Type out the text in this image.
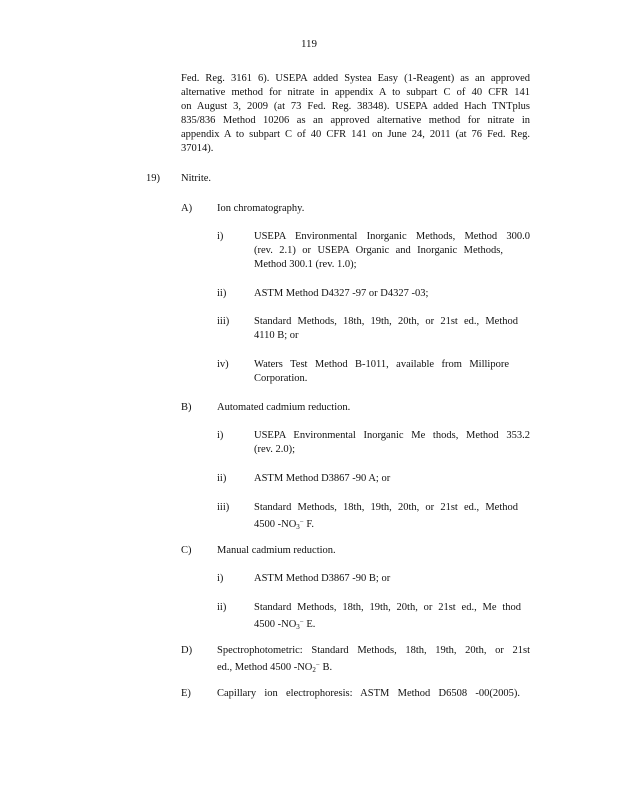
119
Fed. Reg. 3161 6). USEPA added Systea Easy (1-Reagent) as an approved
alternative method for nitrate in appendix A to subpart C of 40 CFR 141
on August 3, 2009 (at 73 Fed. Reg. 38348). USEPA added Hach TNTplus
835/836 Method 10206 as an approved alternative method for nitrate in
appendix A to subpart C of 40 CFR 141 on June 24, 2011 (at 76 Fed. Reg.
37014).
19) Nitrite.
A) Ion chromatography.
i)	USEPA Environmental Inorganic Methods, Method 300.0
(rev. 2.1) or USEPA Organic and Inorganic Methods,
Method 300.1 (rev. 1.0);
ii)	ASTM Method D4327 -97 or D4327 -03;
iii) Standard Methods, 18th, 19th, 20th, or 21st ed., Method
4110 B; or
iv) Waters Test Method B-1011, available from Millipore
Corporation.
B) Automated cadmium reduction.
i)	USEPA Environmental Inorganic Me thods, Method 353.2
(rev. 2.0);
ii)	ASTM Method D3867 -90 A; or
iii) Standard Methods, 18th, 19th, 20th, or 21st ed., Method
4500 $-NO_3^-$ F.
C) Manual cadmium reduction.
i)	ASTM Method D3867 -90 B; or
ii)	Standard Methods, 18th, 19th, 20th, or 21st ed., Me thod
4500 $-NO_3^-$ E.
D) Spectrophotometric: Standard Methods, 18th, 19th, 20th, or 21st
ed., Method 4500 $-NO_2^-$ B.
E) Capillary ion electrophoresis: ASTM Method D6508 -00(2005).
